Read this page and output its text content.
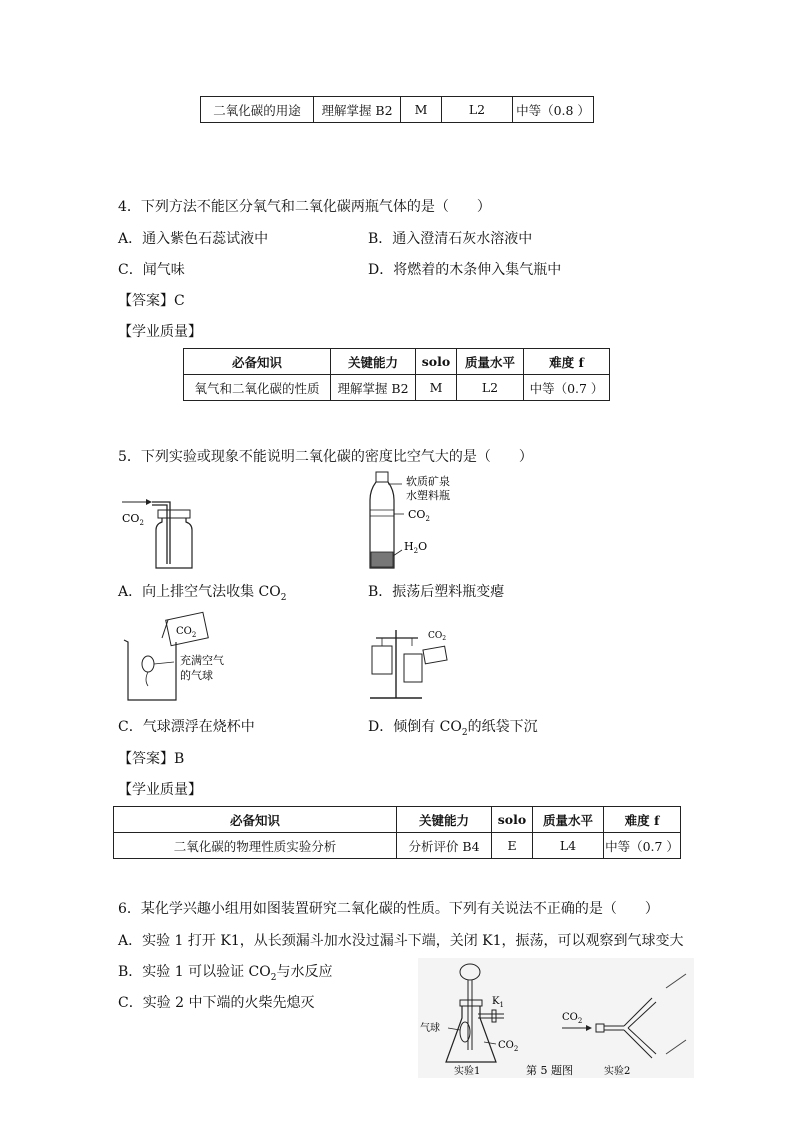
二氧化碳的用途	理解掌握 B2	M	L2	中等（0.8 ）
4．下列方法不能区分氧气和二氧化碳两瓶气体的是（　　）
A．通入紫色石蕊试液中	B．通入澄清石灰水溶液中
C．闻气味	D．将燃着的木条伸入集气瓶中
【答案】C
【学业质量】
必备知识	关键能力	solo	质量水平	难度 f
氧气和二氧化碳的性质	理解掌握 B2	M	L2	中等（0.7 ）
5．下列实验或现象不能说明二氧化碳的密度比空气大的是（　　）
$CO_2$
软质矿泉
水塑料瓶
$CO_2$
$H_2O$
A．向上排空气法收集 $CO_2$	B．振荡后塑料瓶变瘪
$CO_2$
充满空气
的气球
$CO_2$
C．气球漂浮在烧杯中	D．倾倒有 $CO_2$的纸袋下沉
【答案】B
【学业质量】
必备知识	关键能力	solo	质量水平	难度 f
二氧化碳的物理性质实验分析	分析评价 B4	E	L4	中等（0.7 ）
6．某化学兴趣小组用如图装置研究二氧化碳的性质。下列有关说法不正确的是（　　）
A．实验 1 打开 K1，从长颈漏斗加水没过漏斗下端，关闭 K1，振荡，可以观察到气球变大
B．实验 1 可以验证 $CO_2$与水反应
C．实验 2 中下端的火柴先熄灭	$K_1$
气球
$CO_2$
实验1	第 5 题图
$CO_2$
实验2
